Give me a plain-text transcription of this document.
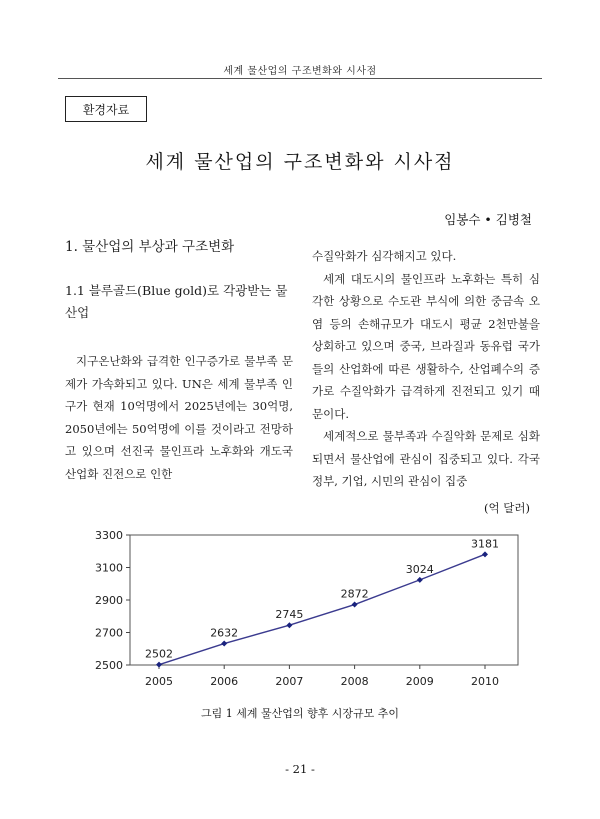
세계 물산업의 구조변화와 시사점
환경자료
세계 물산업의 구조변화와 시사점
임봉수 • 김병철
1. 물산업의 부상과 구조변화
1.1 블루골드(Blue gold)로 각광받는 물산업

지구온난화와 급격한 인구증가로 물부족 문제가 가속화되고 있다. UN은 세계 물부족 인구가 현재 10억명에서 2025년에는 30억명, 2050년에는 50억명에 이를 것이라고 전망하고 있으며 선진국 물인프라 노후화와 개도국 산업화 진전으로 인한

수질악화가 심각해지고 있다.

세계 대도시의 물인프라 노후화는 특히 심각한 상황으로 수도관 부식에 의한 중금속 오염 등의 손해규모가 대도시 평균 2천만불을 상회하고 있으며 중국, 브라질과 동유럽 국가들의 산업화에 따른 생활하수, 산업폐수의 증가로 수질악화가 급격하게 진전되고 있기 때문이다.

세계적으로 물부족과 수질악화 문제로 심화되면서 물산업에 관심이 집중되고 있다. 각국 정부, 기업, 시민의 관심이 집중

(억 달러)
2500
2700
2900
3100
3300
2005	2006	2007	2008	2009	2010
2502
2632
2745
2872
3024
3181
그림 1 세계 물산업의 향후 시장규모 추이
- 21 -
